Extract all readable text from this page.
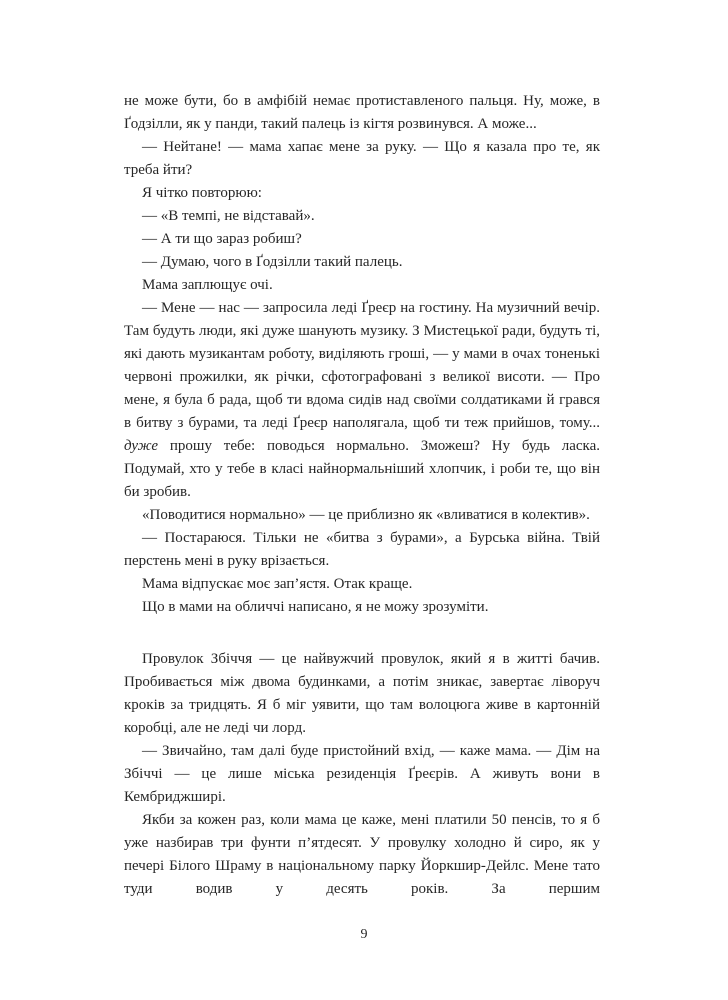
не може бути, бо в амфібій немає протиставленого пальця. Ну, може, в Ґодзілли, як у панди, такий палець із кігтя розвинувся. А може...

— Нейтане! — мама хапає мене за руку. — Що я казала про те, як треба йти?

Я чітко повторюю:

— «В темпі, не відставай».

— А ти що зараз робиш?

— Думаю, чого в Ґодзілли такий палець.

Мама заплющує очі.

— Мене — нас — запросила леді Ґреєр на гостину. На музичний вечір. Там будуть люди, які дуже шанують музику. З Мистецької ради, будуть ті, які дають музикантам роботу, виділяють гроші, — у мами в очах тоненькі червоні прожилки, як річки, сфотографовані з великої висоти. — Про мене, я була б рада, щоб ти вдома сидів над своїми солдатиками й грався в битву з бурами, та леді Ґреєр наполягала, щоб ти теж прийшов, тому... дуже прошу тебе: поводься нормально. Зможеш? Ну будь ласка. Подумай, хто у тебе в класі найнормальніший хлопчик, і роби те, що він би зробив.

«Поводитися нормально» — це приблизно як «вливатися в колектив».

— Постараюся. Тільки не «битва з бурами», а Бурська війна. Твій перстень мені в руку врізається.

Мама відпускає моє зап’ястя. Отак краще.

Що в мами на обличчі написано, я не можу зрозуміти.

Провулок Збіччя — це найвужчий провулок, який я в житті бачив. Пробивається між двома будинками, а потім зникає, завертає ліворуч кроків за тридцять. Я б міг уявити, що там волоцюга живе в картонній коробці, але не леді чи лорд.

— Звичайно, там далі буде пристойний вхід, — каже мама. — Дім на Збіччі — це лише міська резиденція Ґреєрів. А живуть вони в Кембриджширі.

Якби за кожен раз, коли мама це каже, мені платили 50 пенсів, то я б уже назбирав три фунти п’ятдесят. У провулку холодно й сиро, як у печері Білого Шраму в національному парку Йоркшир-Дейлс. Мене тато туди водив у десять років. За першим

9
